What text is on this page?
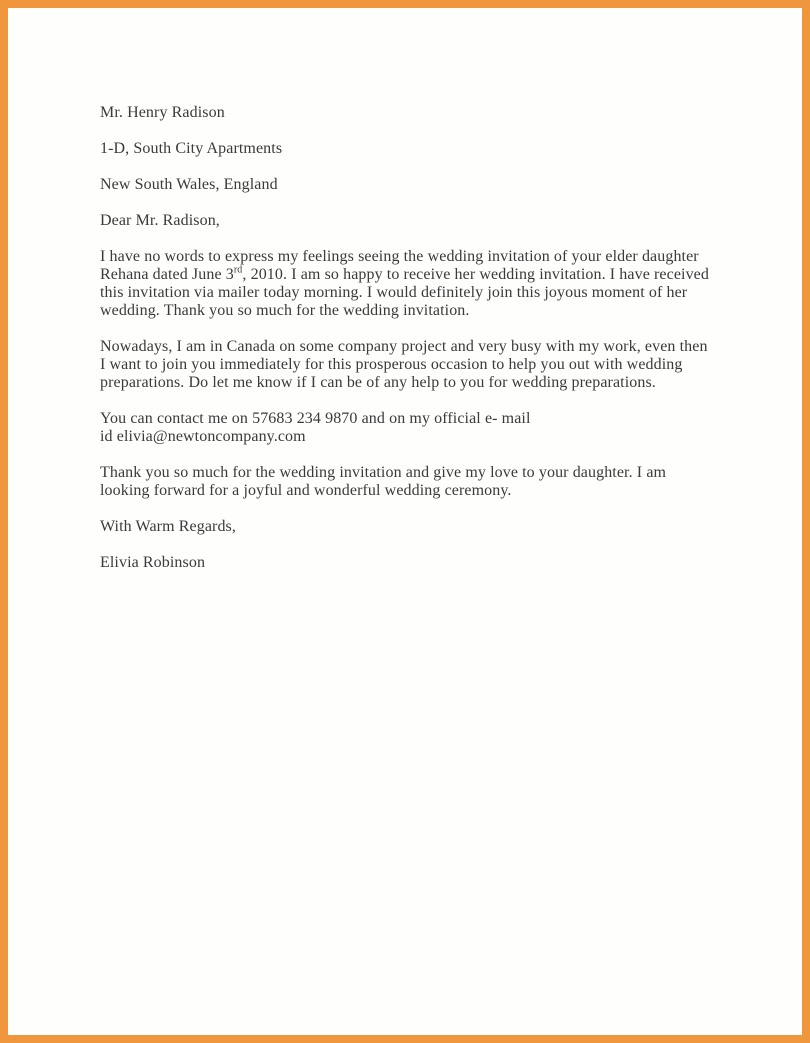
Mr. Henry Radison

1-D, South City Apartments

New South Wales, England

Dear Mr. Radison,

I have no words to express my feelings seeing the wedding invitation of your elder daughter Rehana dated June 3rd, 2010. I am so happy to receive her wedding invitation. I have received this invitation via mailer today morning. I would definitely join this joyous moment of her wedding. Thank you so much for the wedding invitation.

Nowadays, I am in Canada on some company project and very busy with my work, even then I want to join you immediately for this prosperous occasion to help you out with wedding preparations. Do let me know if I can be of any help to you for wedding preparations.

You can contact me on 57683 234 9870 and on my official e- mail
id elivia@newtoncompany.com

Thank you so much for the wedding invitation and give my love to your daughter. I am looking forward for a joyful and wonderful wedding ceremony.

With Warm Regards,

Elivia Robinson
